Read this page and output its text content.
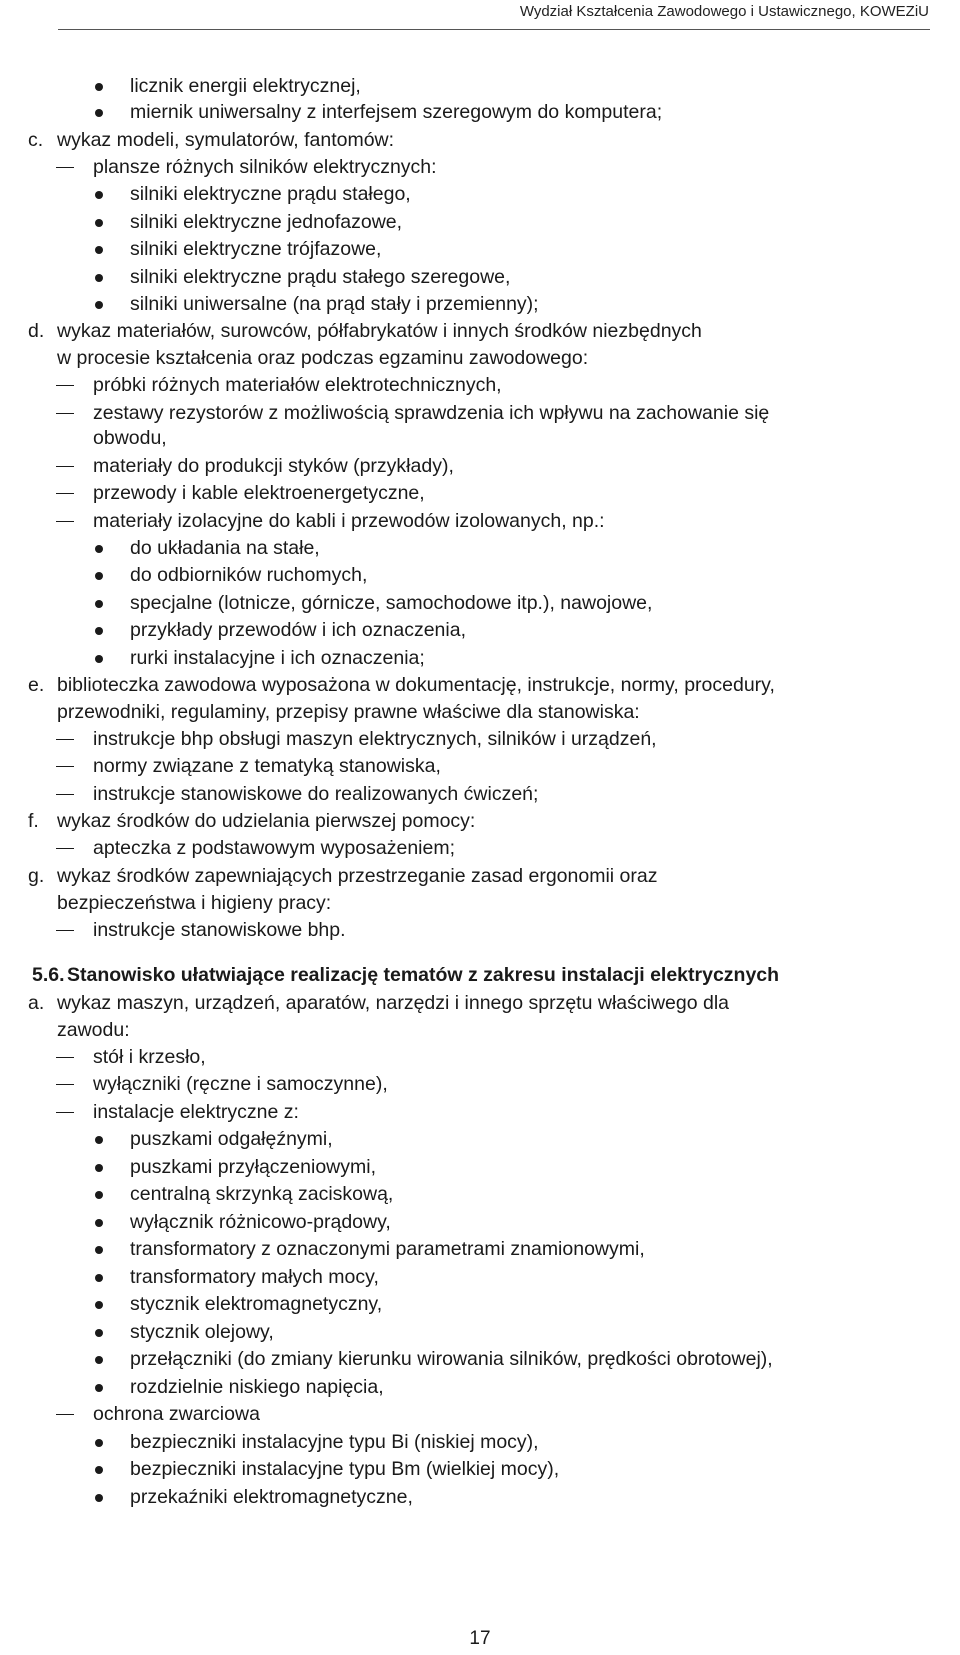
Wydział Kształcenia Zawodowego i Ustawicznego, KOWEZiU
licznik energii elektrycznej,
miernik uniwersalny z interfejsem szeregowym do komputera;
c. wykaz modeli, symulatorów, fantomów:
plansze różnych silników elektrycznych:
silniki elektryczne prądu stałego,
silniki elektryczne jednofazowe,
silniki elektryczne trójfazowe,
silniki elektryczne prądu stałego szeregowe,
silniki uniwersalne (na prąd stały i przemienny);
d. wykaz materiałów, surowców, półfabrykatów i innych środków niezbędnych
w procesie kształcenia oraz podczas egzaminu zawodowego:
próbki różnych materiałów elektrotechnicznych,
zestawy rezystorów z możliwością sprawdzenia ich wpływu na zachowanie się
obwodu,
materiały do produkcji styków (przykłady),
przewody i kable elektroenergetyczne,
materiały izolacyjne do kabli i przewodów izolowanych, np.:
do układania na stałe,
do odbiorników ruchomych,
specjalne (lotnicze, górnicze, samochodowe itp.), nawojowe,
przykłady przewodów i ich oznaczenia,
rurki instalacyjne i ich oznaczenia;
e. biblioteczka zawodowa wyposażona w dokumentację, instrukcje, normy, procedury,
przewodniki, regulaminy, przepisy prawne właściwe dla stanowiska:
instrukcje bhp obsługi maszyn elektrycznych, silników i urządzeń,
normy związane z tematyką stanowiska,
instrukcje stanowiskowe do realizowanych ćwiczeń;
f. wykaz środków do udzielania pierwszej pomocy:
apteczka z podstawowym wyposażeniem;
g. wykaz środków zapewniających przestrzeganie zasad ergonomii oraz
bezpieczeństwa i higieny pracy:
instrukcje stanowiskowe bhp.
5.6. Stanowisko ułatwiające realizację tematów z zakresu instalacji elektrycznych
a. wykaz maszyn, urządzeń, aparatów, narzędzi i innego sprzętu właściwego dla
zawodu:
stół i krzesło,
wyłączniki (ręczne i samoczynne),
instalacje elektryczne z:
puszkami odgałęźnymi,
puszkami przyłączeniowymi,
centralną skrzynką zaciskową,
wyłącznik różnicowo-prądowy,
transformatory z oznaczonymi parametrami znamionowymi,
transformatory małych mocy,
stycznik elektromagnetyczny,
stycznik olejowy,
przełączniki (do zmiany kierunku wirowania silników, prędkości obrotowej),
rozdzielnie niskiego napięcia,
ochrona zwarciowa
bezpieczniki instalacyjne typu Bi (niskiej mocy),
bezpieczniki instalacyjne typu Bm (wielkiej mocy),
przekaźniki elektromagnetyczne,
17
